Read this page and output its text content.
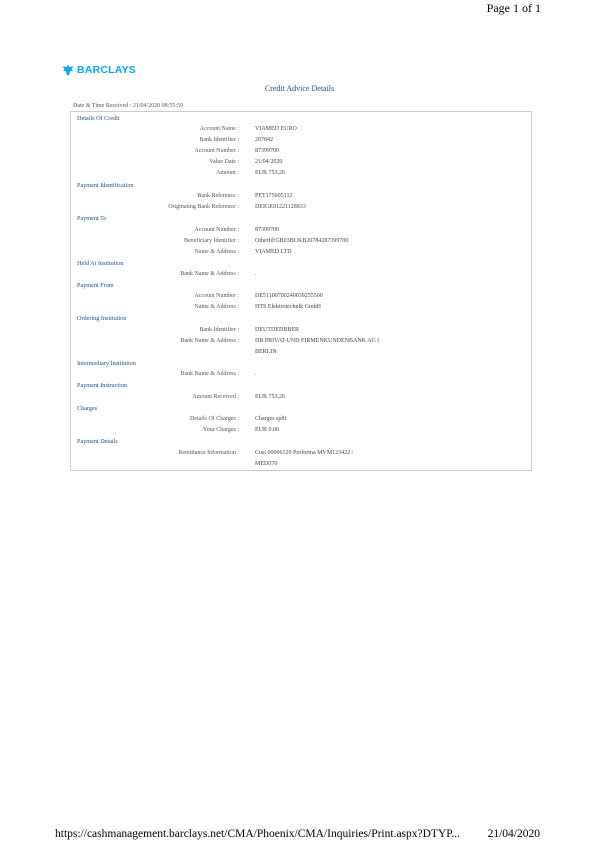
Page 1 of 1
BARCLAYS
Credit Advice Details
Date & Time Received : 21/04/2020 08:55:59
Details Of Credit
Account Name :	VIAMED EURO
Bank Identifier :	207842
Account Number :	87399700
Value Date :	21/04/2020
Amount :	EUR 753.26
Payment Identification
Bank Reference :	PET175005112
Originating Bank Reference :	DEIGE01221128833
Payment To
Account Number :	87399700
Beneficiary Identifier :	OtherId:GB03BUKB20784287399700
Name & Address :	VIAMED LTD
Held At Institution
Bank Name & Address :	.
Payment From
Account Number :	DE51100700240039255500
Name & Address :	HTS Elektrotechnik GmbH
Ordering Institution
Bank Identifier :	DEUTDEDBBER
Bank Name & Address :	DB PRIVAT-UND FIRMENKUNDENBANK AG (
BERLIN
Intermediary Institution
Bank Name & Address :	.
Payment Instruction
Amount Received :	EUR 753.26
Charges
Details Of Charges :	Charges split
Your Charges :	EUR 0.00
Payment Details
Remittance Information :	Cust 00006129 Proforma MVM123422 /
MED070
https://cashmanagement.barclays.net/CMA/Phoenix/CMA/Inquiries/Print.aspx?DTYP... 21/04/2020
